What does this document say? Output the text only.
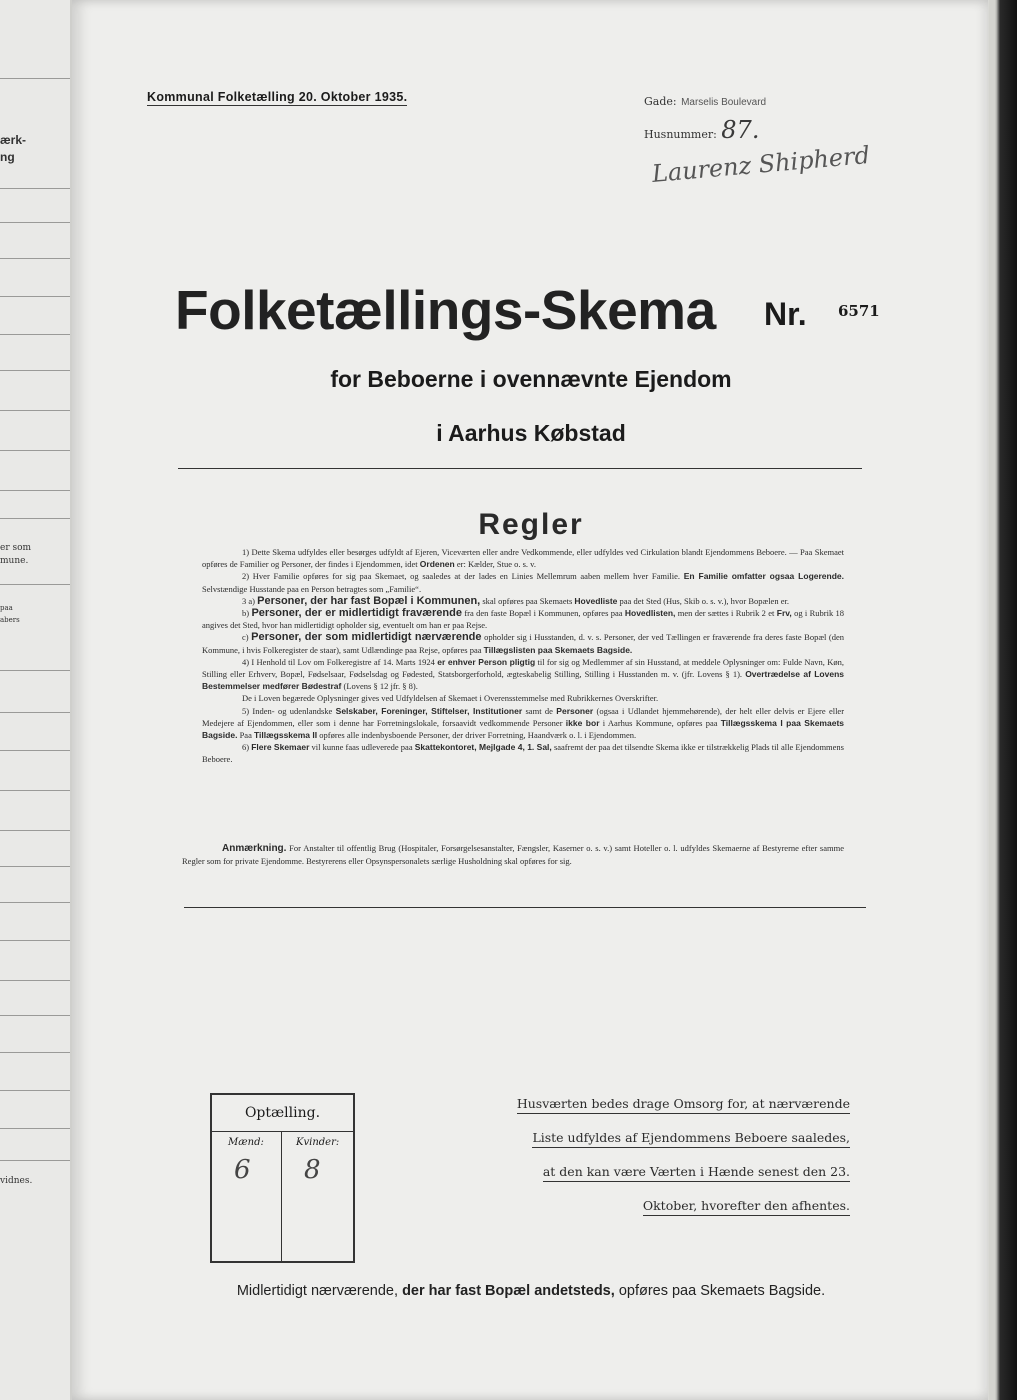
ærk-
ng
er som
mune.
paa
abers
vidnes.
Kommunal Folketælling 20. Oktober 1935.	Gade: Marselis Boulevard
Husnummer: 87.
Laurenz Shipherd
Folketællings-Skema Nr. 6571
for Beboerne i ovennævnte Ejendom
i Aarhus Købstad
Regler

1) Dette Skema udfyldes eller besørges udfyldt af Ejeren, Viceværten eller andre Vedkommende, eller udfyldes ved Cirkulation blandt Ejendommens Beboere. — Paa Skemaet opføres de Familier og Personer, der findes i Ejendommen, idet Ordenen er: Kælder, Stue o. s. v.

2) Hver Familie opføres for sig paa Skemaet, og saaledes at der lades en Linies Mellemrum aaben mellem hver Familie. En Familie omfatter ogsaa Logerende. Selvstændige Husstande paa en Person betragtes som „Familie“.

3 a) Personer, der har fast Bopæl i Kommunen, skal opføres paa Skemaets Hovedliste paa det Sted (Hus, Skib o. s. v.), hvor Bopælen er.

b) Personer, der er midlertidigt fraværende fra den faste Bopæl i Kommunen, opføres paa Hovedlisten, men der sættes i Rubrik 2 et Frv, og i Rubrik 18 angives det Sted, hvor han midlertidigt opholder sig, eventuelt om han er paa Rejse.

c) Personer, der som midlertidigt nærværende opholder sig i Husstanden, d. v. s. Personer, der ved Tællingen er fraværende fra deres faste Bopæl (den Kommune, i hvis Folkeregister de staar), samt Udlændinge paa Rejse, opføres paa Tillægslisten paa Skemaets Bagside.

4) I Henhold til Lov om Folkeregistre af 14. Marts 1924 er enhver Person pligtig til for sig og Medlemmer af sin Husstand, at meddele Oplysninger om: Fulde Navn, Køn, Stilling eller Erhverv, Bopæl, Fødselsaar, Fødselsdag og Fødested, Statsborgerforhold, ægteskabelig Stilling, Stilling i Husstanden m. v. (jfr. Lovens § 1). Overtrædelse af Lovens Bestemmelser medfører Bødestraf (Lovens § 12 jfr. § 8).

De i Loven begærede Oplysninger gives ved Udfyldelsen af Skemaet i Overensstemmelse med Rubrikkernes Overskrifter.

5) Inden- og udenlandske Selskaber, Foreninger, Stiftelser, Institutioner samt de Personer (ogsaa i Udlandet hjemmehørende), der helt eller delvis er Ejere eller Medejere af Ejendommen, eller som i denne har Forretningslokale, forsaavidt vedkommende Personer ikke bor i Aarhus Kommune, opføres paa Tillægsskema I paa Skemaets Bagside. Paa Tillægsskema II opføres alle indenbysboende Personer, der driver Forretning, Haandværk o. l. i Ejendommen.

6) Flere Skemaer vil kunne faas udleverede paa Skattekontoret, Mejlgade 4, 1. Sal, saafremt der paa det tilsendte Skema ikke er tilstrækkelig Plads til alle Ejendommens Beboere.

Anmærkning. For Anstalter til offentlig Brug (Hospitaler, Forsørgelsesanstalter, Fængsler, Kaserner o. s. v.) samt Hoteller o. l. udfyldes Skemaerne af Bestyrerne efter samme Regler som for private Ejendomme. Bestyrerens eller Opsynspersonalets særlige Husholdning skal opføres for sig.
Optælling.
Mænd:	Kvinder:
6 8
Husværten bedes drage Omsorg for, at nærværende
Liste udfyldes af Ejendommens Beboere saaledes,
at den kan være Værten i Hænde senest den 23.
Oktober, hvorefter den afhentes.
Midlertidigt nærværende, der har fast Bopæl andetsteds, opføres paa Skemaets Bagside.
